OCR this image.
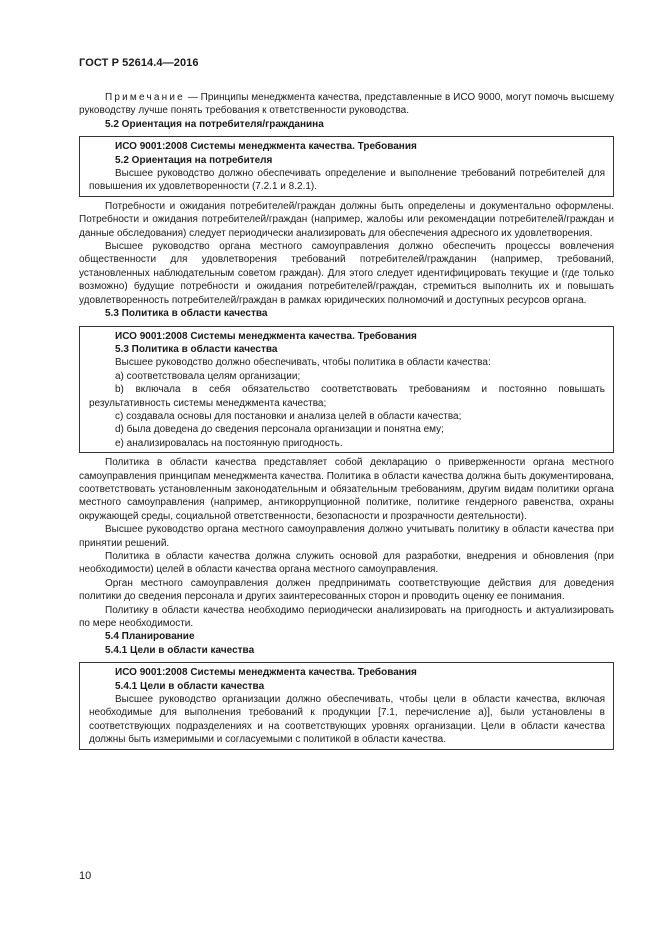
ГОСТ Р 52614.4—2016

Примечание — Принципы менеджмента качества, представленные в ИСО 9000, могут помочь высшему руководству лучше понять требования к ответственности руководства.

5.2 Ориентация на потребителя/гражданина

ИСО 9001:2008 Системы менеджмента качества. Требования

5.2 Ориентация на потребителя

Высшее руководство должно обеспечивать определение и выполнение требований потребителей для повышения их удовлетворенности (7.2.1 и 8.2.1).

Потребности и ожидания потребителей/граждан должны быть определены и документально оформлены. Потребности и ожидания потребителей/граждан (например, жалобы или рекомендации потребителей/граждан и данные обследования) следует периодически анализировать для обеспечения адресного их удовлетворения.

Высшее руководство органа местного самоуправления должно обеспечить процессы вовлечения общественности для удовлетворения требований потребителей/гражданин (например, требований, установленных наблюдательным советом граждан). Для этого следует идентифицировать текущие и (где только возможно) будущие потребности и ожидания потребителей/граждан, стремиться выполнить их и повышать удовлетворенность потребителей/граждан в рамках юридических полномочий и доступных ресурсов органа.

5.3 Политика в области качества

ИСО 9001:2008 Системы менеджмента качества. Требования

5.3 Политика в области качества

Высшее руководство должно обеспечивать, чтобы политика в области качества:

a) соответствовала целям организации;

b) включала в себя обязательство соответствовать требованиям и постоянно повышать результативность системы менеджмента качества;

c) создавала основы для постановки и анализа целей в области качества;

d) была доведена до сведения персонала организации и понятна ему;

e) анализировалась на постоянную пригодность.

Политика в области качества представляет собой декларацию о приверженности органа местного самоуправления принципам менеджмента качества. Политика в области качества должна быть документирована, соответствовать установленным законодательным и обязательным требованиям, другим видам политики органа местного самоуправления (например, антикоррупционной политике, политике гендерного равенства, охраны окружающей среды, социальной ответственности, безопасности и прозрачности деятельности).

Высшее руководство органа местного самоуправления должно учитывать политику в области качества при принятии решений.

Политика в области качества должна служить основой для разработки, внедрения и обновления (при необходимости) целей в области качества органа местного самоуправления.

Орган местного самоуправления должен предпринимать соответствующие действия для доведения политики до сведения персонала и других заинтересованных сторон и проводить оценку ее понимания.

Политику в области качества необходимо периодически анализировать на пригодность и актуализировать по мере необходимости.

5.4 Планирование

5.4.1 Цели в области качества

ИСО 9001:2008 Системы менеджмента качества. Требования

5.4.1 Цели в области качества

Высшее руководство организации должно обеспечивать, чтобы цели в области качества, включая необходимые для выполнения требований к продукции [7.1, перечисление a)], были установлены в соответствующих подразделениях и на соответствующих уровнях организации. Цели в области качества должны быть измеримыми и согласуемыми с политикой в области качества.

10
